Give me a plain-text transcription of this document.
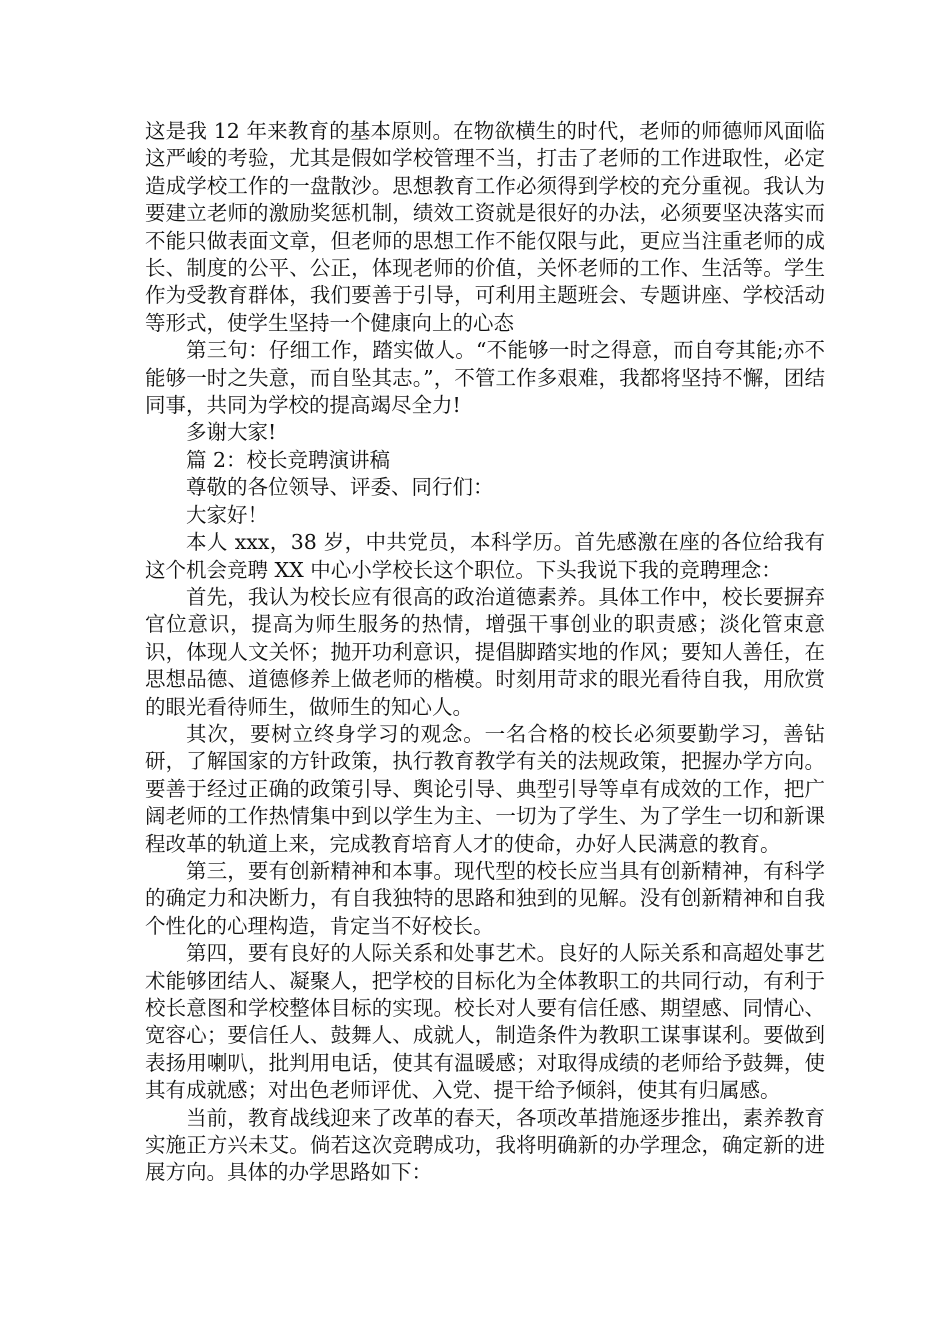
这是我 12 年来教育的基本原则。在物欲横生的时代，老师的师德师风面临这严峻的考验，尤其是假如学校管理不当，打击了老师的工作进取性，必定造成学校工作的一盘散沙。思想教育工作必须得到学校的充分重视。我认为要建立老师的激励奖惩机制，绩效工资就是很好的办法，必须要坚决落实而不能只做表面文章，但老师的思想工作不能仅限与此，更应当注重老师的成长、制度的公平、公正，体现老师的价值，关怀老师的工作、生活等。学生作为受教育群体，我们要善于引导，可利用主题班会、专题讲座、学校活动等形式，使学生坚持一个健康向上的心态

第三句：仔细工作，踏实做人。“不能够一时之得意，而自夸其能;亦不能够一时之失意，而自坠其志。”，不管工作多艰难，我都将坚持不懈，团结同事，共同为学校的提高竭尽全力!

多谢大家!

篇 2：校长竞聘演讲稿

尊敬的各位领导、评委、同行们：

大家好！

本人 xxx，38 岁，中共党员，本科学历。首先感激在座的各位给我有这个机会竞聘 XX 中心小学校长这个职位。下头我说下我的竞聘理念：

首先，我认为校长应有很高的政治道德素养。具体工作中，校长要摒弃官位意识，提高为师生服务的热情，增强干事创业的职责感；淡化管束意识，体现人文关怀；抛开功利意识，提倡脚踏实地的作风；要知人善任，在思想品德、道德修养上做老师的楷模。时刻用苛求的眼光看待自我，用欣赏的眼光看待师生，做师生的知心人。

其次，要树立终身学习的观念。一名合格的校长必须要勤学习，善钻研，了解国家的方针政策，执行教育教学有关的法规政策，把握办学方向。要善于经过正确的政策引导、舆论引导、典型引导等卓有成效的工作，把广阔老师的工作热情集中到以学生为主、一切为了学生、为了学生一切和新课程改革的轨道上来，完成教育培育人才的使命，办好人民满意的教育。

第三，要有创新精神和本事。现代型的校长应当具有创新精神，有科学的确定力和决断力，有自我独特的思路和独到的见解。没有创新精神和自我个性化的心理构造，肯定当不好校长。

第四，要有良好的人际关系和处事艺术。良好的人际关系和高超处事艺术能够团结人、凝聚人，把学校的目标化为全体教职工的共同行动，有利于校长意图和学校整体目标的实现。校长对人要有信任感、期望感、同情心、宽容心；要信任人、鼓舞人、成就人，制造条件为教职工谋事谋利。要做到表扬用喇叭，批判用电话，使其有温暖感；对取得成绩的老师给予鼓舞，使其有成就感；对出色老师评优、入党、提干给予倾斜，使其有归属感。

当前，教育战线迎来了改革的春天，各项改革措施逐步推出，素养教育实施正方兴未艾。倘若这次竞聘成功，我将明确新的办学理念，确定新的进展方向。具体的办学思路如下：
